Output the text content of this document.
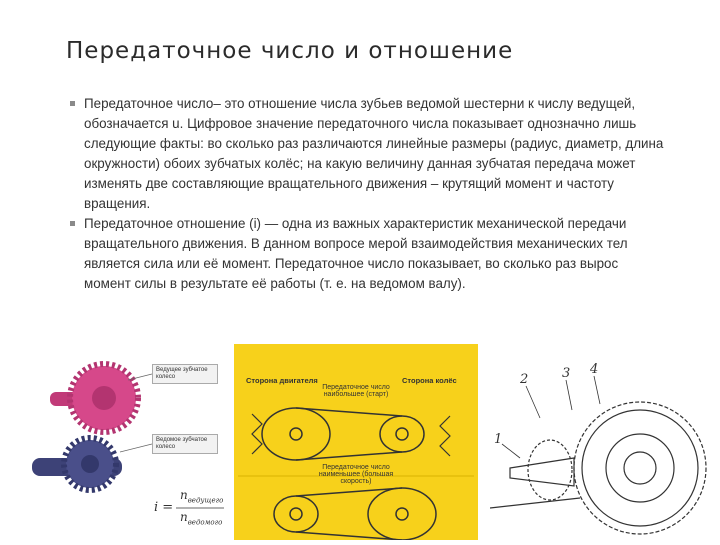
Передаточное число и отношение

Передаточное число– это отношение числа зубьев ведомой шестерни к числу ведущей, обозначается u. Цифровое значение передаточного числа показывает однозначно лишь следующие факты: во сколько раз различаются линейные размеры (радиус, диаметр, длина окружности) обоих зубчатых колёс; на какую величину данная зубчатая передача может изменять две составляющие вращательного движения – крутящий момент и частоту вращения.

Передаточное отношение (i) — одна из важных характеристик механической передачи вращательного движения. В данном вопросе мерой взаимодействия механических тел является сила или её момент. Передаточное число показывает, во сколько раз вырос момент силы в результате её работы (т. е. на ведомом валу).

Ведущее зубчатое колесо
Ведомое зубчатое колесо
i =
$n_{ведущего}$
$n_{ведомого}$
Сторона двигателя	Сторона колёс
Передаточное число наибольшее (старт)
Передаточное число наименьшее (большая скорость)
2	3 4
1
